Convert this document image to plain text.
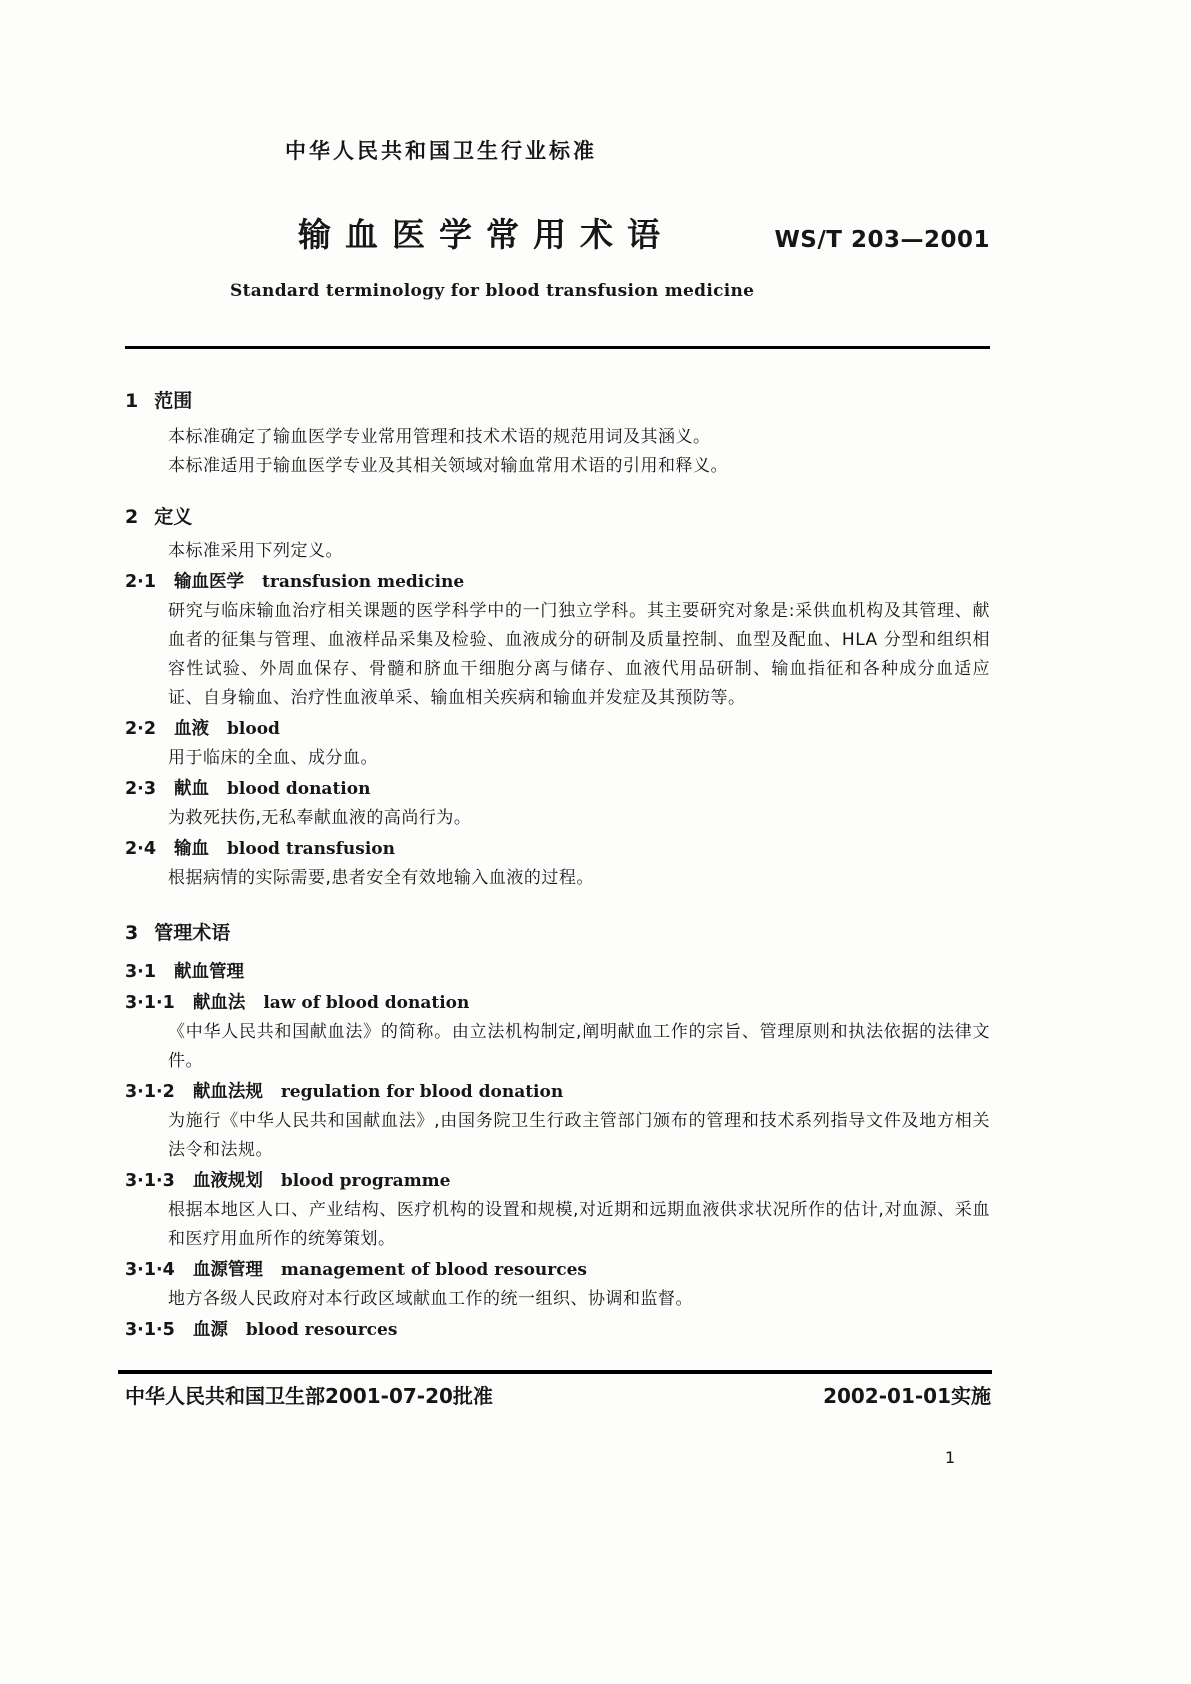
中华人民共和国卫生行业标准
输血医学常用术语	WS/T 203—2001
Standard terminology for blood transfusion medicine
1 范围

本标准确定了输血医学专业常用管理和技术术语的规范用词及其涵义。

本标准适用于输血医学专业及其相关领域对输血常用术语的引用和释义。

2 定义

本标准采用下列定义。

2·1 输血医学 transfusion medicine

研究与临床输血治疗相关课题的医学科学中的一门独立学科。其主要研究对象是:采供血机构及其管理、献血者的征集与管理、血液样品采集及检验、血液成分的研制及质量控制、血型及配血、HLA 分型和组织相容性试验、外周血保存、骨髓和脐血干细胞分离与储存、血液代用品研制、输血指征和各种成分血适应证、自身输血、治疗性血液单采、输血相关疾病和输血并发症及其预防等。

2·2 血液 blood

用于临床的全血、成分血。

2·3 献血 blood donation

为救死扶伤,无私奉献血液的高尚行为。

2·4 输血 blood transfusion

根据病情的实际需要,患者安全有效地输入血液的过程。

3 管理术语
3·1 献血管理

3·1·1 献血法 law of blood donation

《中华人民共和国献血法》的简称。由立法机构制定,阐明献血工作的宗旨、管理原则和执法依据的法律文件。

3·1·2 献血法规 regulation for blood donation

为施行《中华人民共和国献血法》,由国务院卫生行政主管部门颁布的管理和技术系列指导文件及地方相关法令和法规。

3·1·3 血液规划 blood programme

根据本地区人口、产业结构、医疗机构的设置和规模,对近期和远期血液供求状况所作的估计,对血源、采血和医疗用血所作的统筹策划。

3·1·4 血源管理 management of blood resources

地方各级人民政府对本行政区域献血工作的统一组织、协调和监督。

3·1·5 血源 blood resources

中华人民共和国卫生部2001-07-20批准	2002-01-01实施
1
